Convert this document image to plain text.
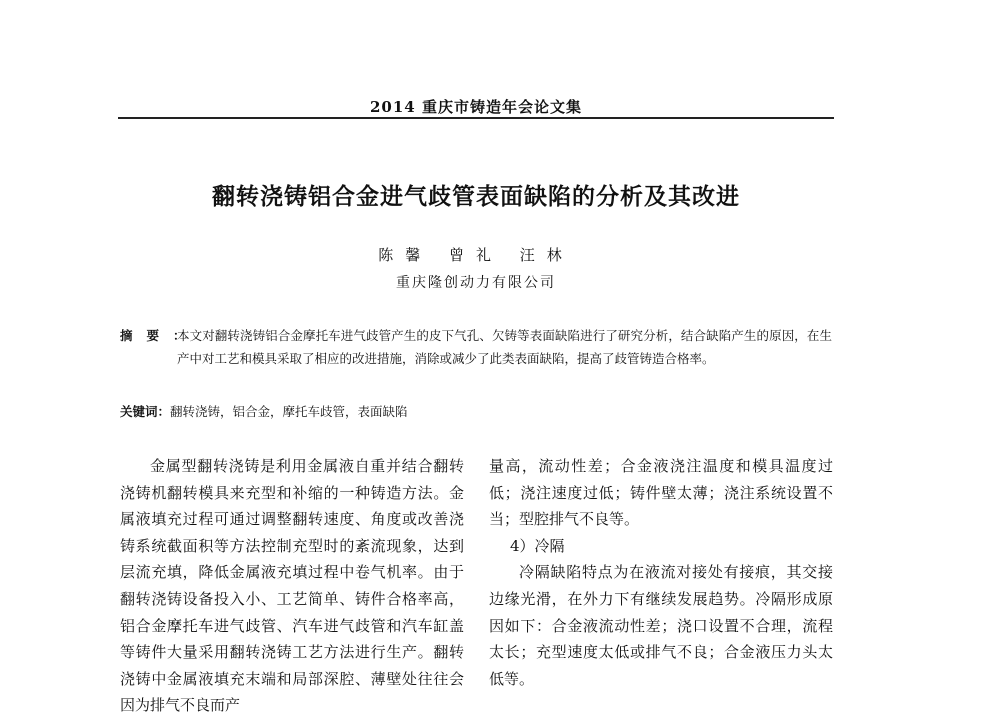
2014 重庆市铸造年会论文集
翻转浇铸铝合金进气歧管表面缺陷的分析及其改进
陈馨 曾礼 汪林
重庆隆创动力有限公司
摘要：
本文对翻转浇铸铝合金摩托车进气歧管产生的皮下气孔、欠铸等表面缺陷进行了研究分析，结合缺陷产生的原因，在生产中对工艺和模具采取了相应的改进措施，消除或减少了此类表面缺陷，提高了歧管铸造合格率。
关键词：翻转浇铸，铝合金，摩托车歧管，表面缺陷

金属型翻转浇铸是利用金属液自重并结合翻转浇铸机翻转模具来充型和补缩的一种铸造方法。金属液填充过程可通过调整翻转速度、角度或改善浇铸系统截面积等方法控制充型时的紊流现象，达到层流充填，降低金属液充填过程中卷气机率。由于翻转浇铸设备投入小、工艺简单、铸件合格率高，铝合金摩托车进气歧管、汽车进气歧管和汽车缸盖等铸件大量采用翻转浇铸工艺方法进行生产。翻转浇铸中金属液填充末端和局部深腔、薄壁处往往会因为排气不良而产

量高，流动性差；合金液浇注温度和模具温度过低；浇注速度过低；铸件壁太薄；浇注系统设置不当；型腔排气不良等。

4）冷隔

冷隔缺陷特点为在液流对接处有接痕，其交接边缘光滑，在外力下有继续发展趋势。冷隔形成原因如下：合金液流动性差；浇口设置不合理，流程太长；充型速度太低或排气不良；合金液压力头太低等。
